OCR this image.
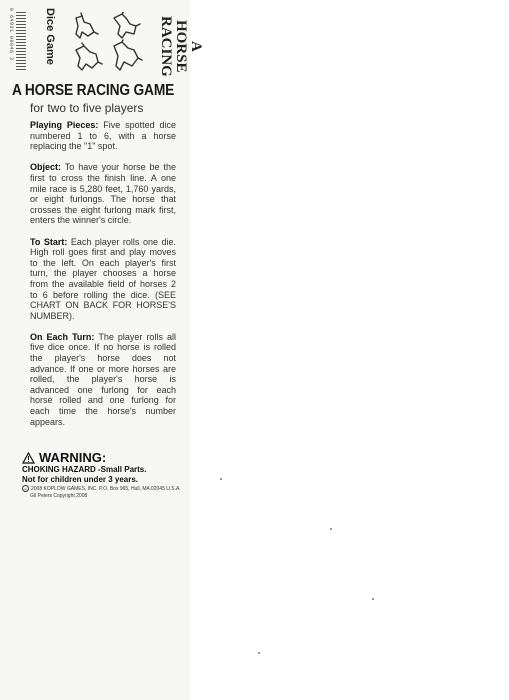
0 64931 00046 3	Dice Game	A
HORSE
RACING
A HORSE RACING GAME
for two to five players

Playing Pieces: Five spotted dice numbered 1 to 6, with a horse replacing the "1" spot.

Object: To have your horse be the first to cross the finish line. A one mile race is 5,280 feet, 1,760 yards, or eight furlongs. The horse that crosses the eight furlong mark first, enters the winner's circle.

To Start: Each player rolls one die. High roll goes first and play moves to the left. On each player's first turn, the player chooses a horse from the available field of horses 2 to 6 before rolling the dice. (SEE CHART ON BACK FOR HORSE'S NUMBER).

On Each Turn: The player rolls all five dice once. If no horse is rolled the player's horse does not advance. If one or more horses are rolled, the player's horse is advanced one furlong for each horse rolled and one furlong for each time the horse's number appears.

WARNING:
CHOKING HAZARD -Small Parts.
Not for children under 3 years.
c 2008 KOPLOW GAMES, INC. P.O. Box 965, Hull, MA 02045 U.S.A.
Gil Peters Copyright 2008
